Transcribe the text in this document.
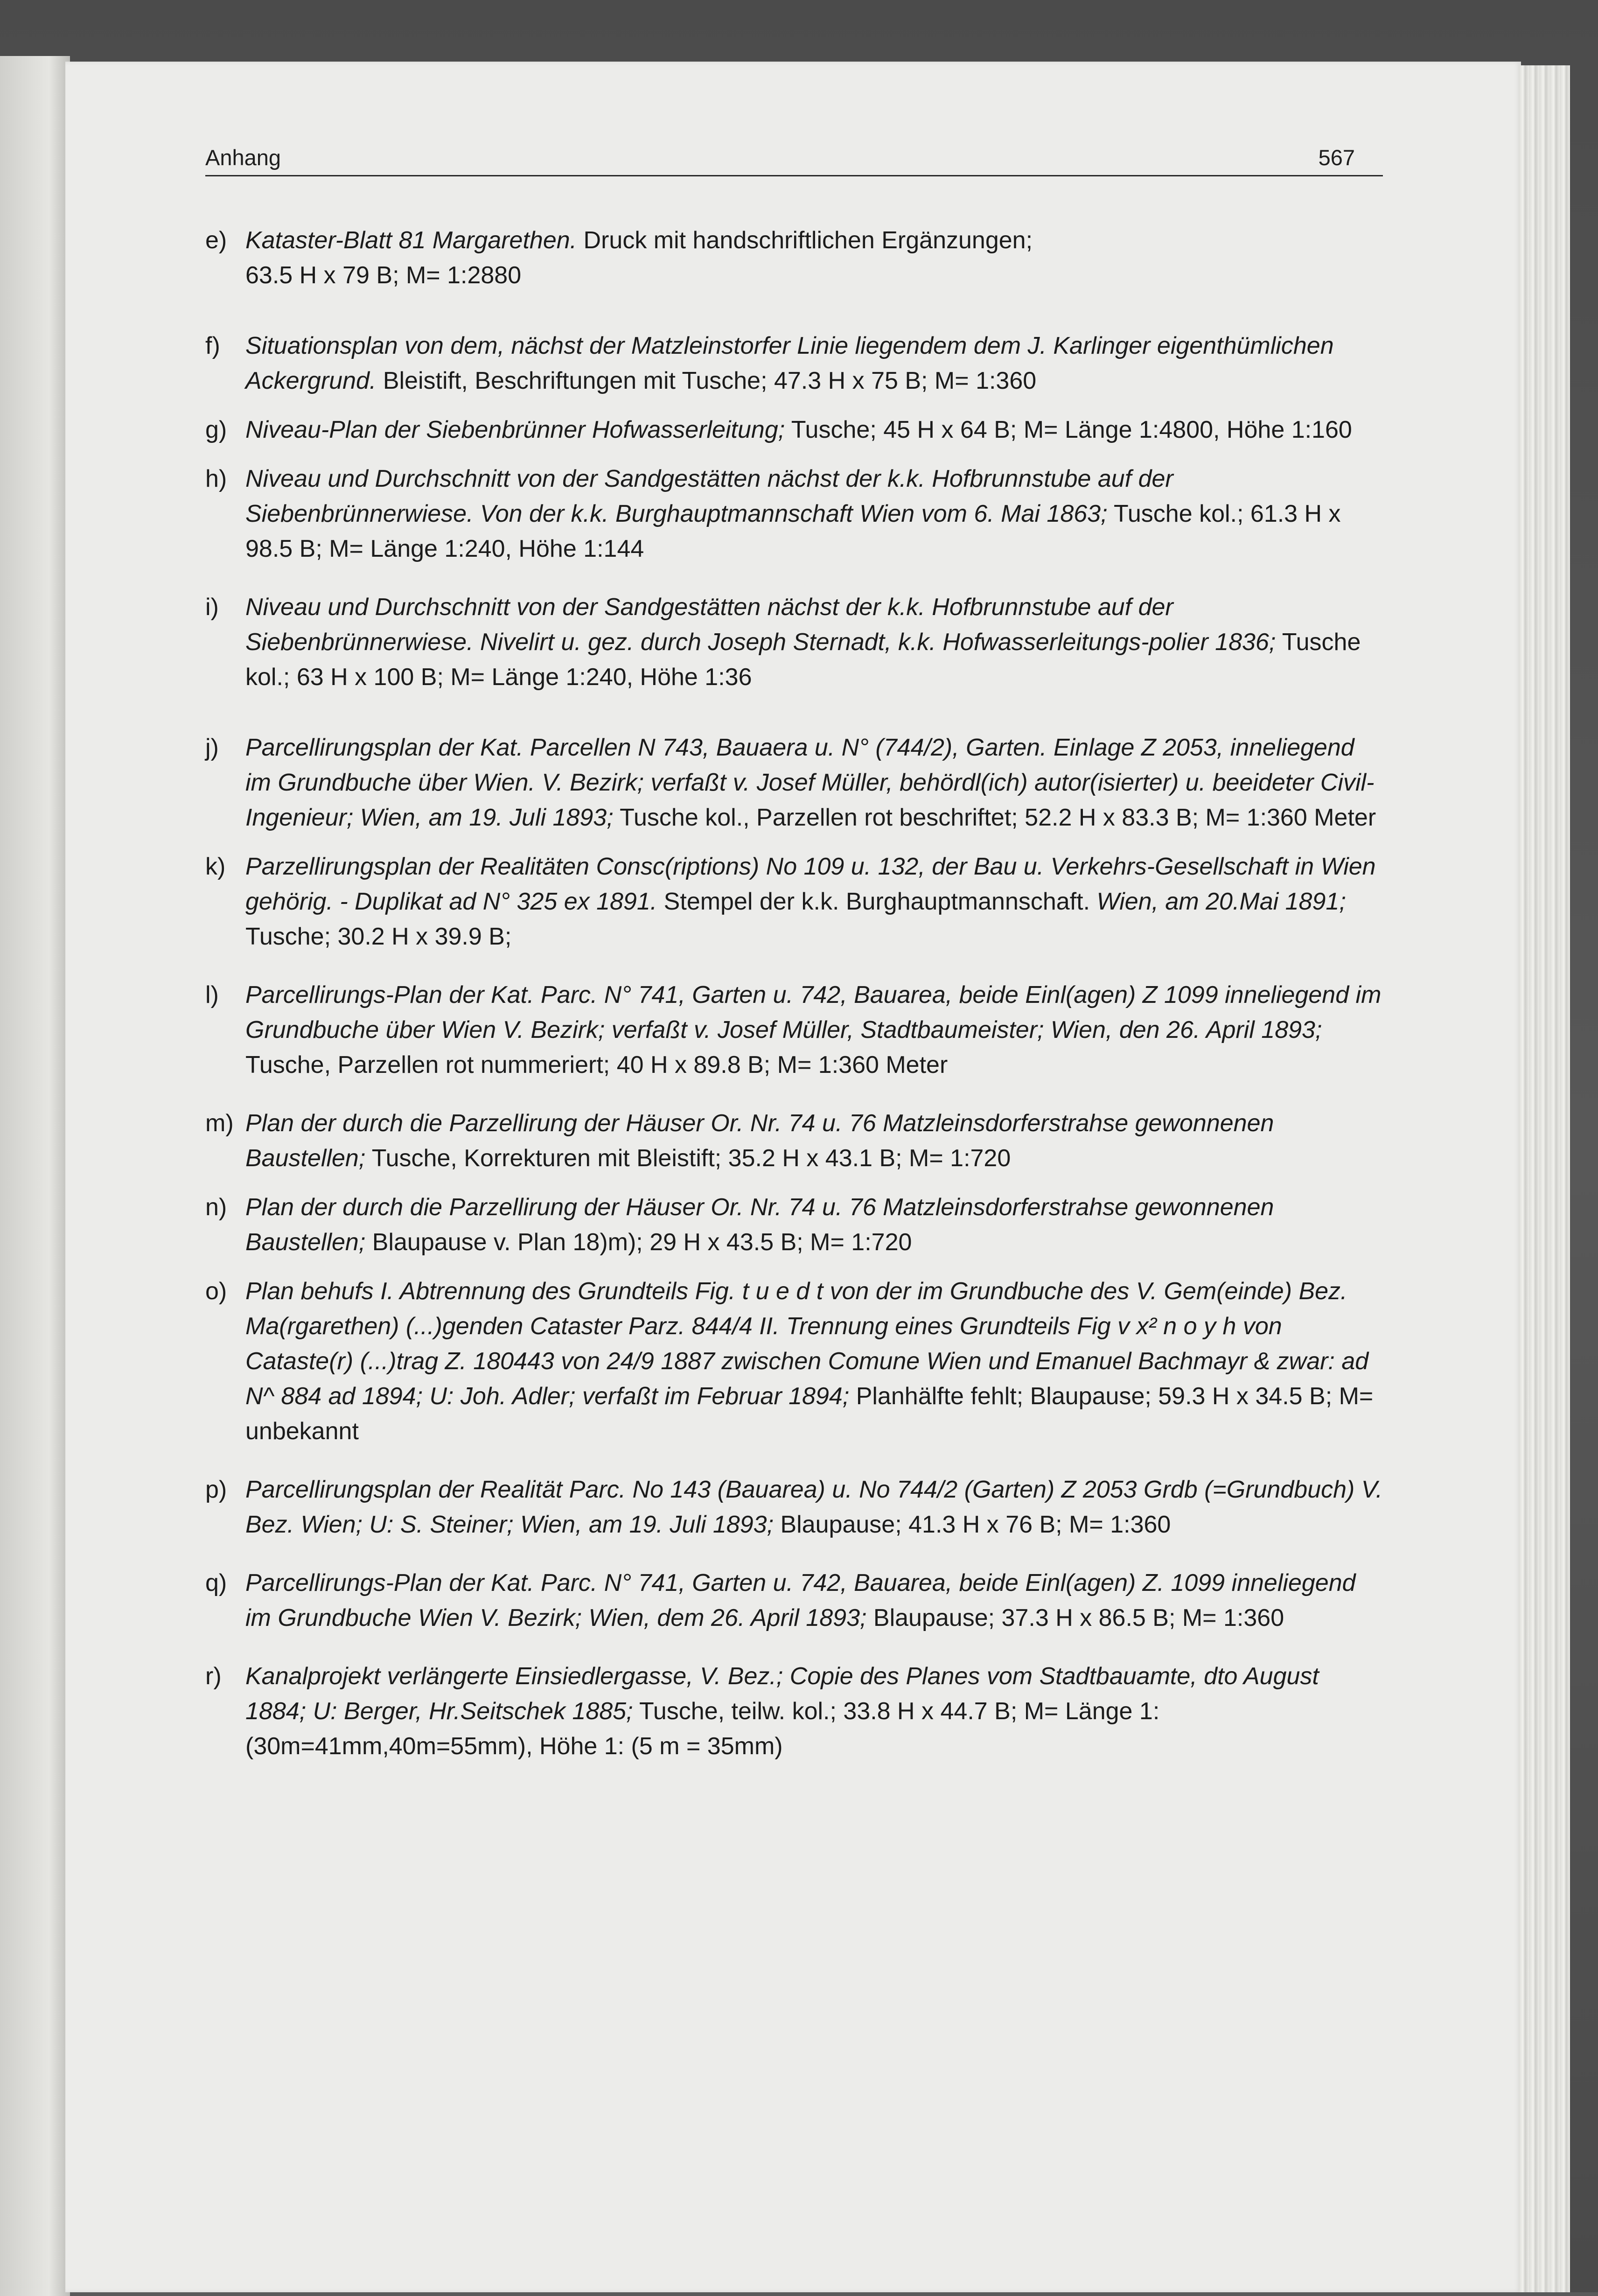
Anhang	567
e) Kataster-Blatt 81 Margarethen. Druck mit handschriftlichen Ergänzungen;
63.5 H x 79 B; M= 1:2880
f) Situationsplan von dem, nächst der Matzleinstorfer Linie liegendem dem J. Karlinger eigenthümlichen Ackergrund. Bleistift, Beschriftungen mit Tusche; 47.3 H x 75 B; M= 1:360
g) Niveau-Plan der Siebenbrünner Hofwasserleitung; Tusche; 45 H x 64 B; M= Länge 1:4800, Höhe 1:160
h) Niveau und Durchschnitt von der Sandgestätten nächst der k.k. Hofbrunnstube auf der Siebenbrünnerwiese. Von der k.k. Burghauptmannschaft Wien vom 6. Mai 1863; Tusche kol.; 61.3 H x 98.5 B; M= Länge 1:240, Höhe 1:144
i) Niveau und Durchschnitt von der Sandgestätten nächst der k.k. Hofbrunnstube auf der Siebenbrünnerwiese. Nivelirt u. gez. durch Joseph Sternadt, k.k. Hofwasserleitungs-polier 1836; Tusche kol.; 63 H x 100 B; M= Länge 1:240, Höhe 1:36
j) Parcellirungsplan der Kat. Parcellen N 743, Bauaera u. N° (744/2), Garten. Einlage Z 2053, inneliegend im Grundbuche über Wien. V. Bezirk; verfaßt v. Josef Müller, behördl(ich) autor(isierter) u. beeideter Civil-Ingenieur; Wien, am 19. Juli 1893; Tusche kol., Parzellen rot beschriftet; 52.2 H x 83.3 B; M= 1:360 Meter
k) Parzellirungsplan der Realitäten Consc(riptions) No 109 u. 132, der Bau u. Verkehrs-Gesellschaft in Wien gehörig. - Duplikat ad N° 325 ex 1891. Stempel der k.k. Burghauptmannschaft. Wien, am 20.Mai 1891; Tusche; 30.2 H x 39.9 B;
l) Parcellirungs-Plan der Kat. Parc. N° 741, Garten u. 742, Bauarea, beide Einl(agen) Z 1099 inneliegend im Grundbuche über Wien V. Bezirk; verfaßt v. Josef Müller, Stadtbaumeister; Wien, den 26. April 1893; Tusche, Parzellen rot nummeriert; 40 H x 89.8 B; M= 1:360 Meter
m) Plan der durch die Parzellirung der Häuser Or. Nr. 74 u. 76 Matzleinsdorferstrahse gewonnenen Baustellen; Tusche, Korrekturen mit Bleistift; 35.2 H x 43.1 B; M= 1:720
n) Plan der durch die Parzellirung der Häuser Or. Nr. 74 u. 76 Matzleinsdorferstrahse gewonnenen Baustellen; Blaupause v. Plan 18)m); 29 H x 43.5 B; M= 1:720
o) Plan behufs I. Abtrennung des Grundteils Fig. t u e d t von der im Grundbuche des V. Gem(einde) Bez. Ma(rgarethen) (...)genden Cataster Parz. 844/4 II. Trennung eines Grundteils Fig v x² n o y h von Cataste(r) (...)trag Z. 180443 von 24/9 1887 zwischen Comune Wien und Emanuel Bachmayr & zwar: ad N^ 884 ad 1894; U: Joh. Adler; verfaßt im Februar 1894; Planhälfte fehlt; Blaupause; 59.3 H x 34.5 B; M= unbekannt
p) Parcellirungsplan der Realität Parc. No 143 (Bauarea) u. No 744/2 (Garten) Z 2053 Grdb (=Grundbuch) V. Bez. Wien; U: S. Steiner; Wien, am 19. Juli 1893; Blaupause; 41.3 H x 76 B; M= 1:360
q) Parcellirungs-Plan der Kat. Parc. N° 741, Garten u. 742, Bauarea, beide Einl(agen) Z. 1099 inneliegend im Grundbuche Wien V. Bezirk; Wien, dem 26. April 1893; Blaupause; 37.3 H x 86.5 B; M= 1:360
r) Kanalprojekt verlängerte Einsiedlergasse, V. Bez.; Copie des Planes vom Stadtbauamte, dto August 1884; U: Berger, Hr.Seitschek 1885; Tusche, teilw. kol.; 33.8 H x 44.7 B; M= Länge 1: (30m=41mm,40m=55mm), Höhe 1: (5 m = 35mm)
